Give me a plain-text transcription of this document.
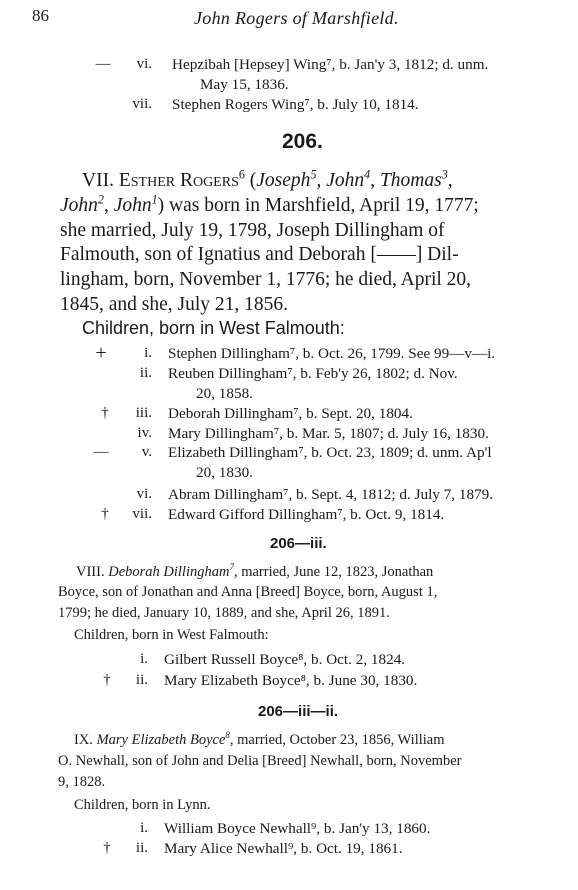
86	John Rogers of Marshfield.
—	vi. Hepzibah [Hepsey] Wing⁷, b. Jan'y 3, 1812; d. unm.
May 15, 1836.
vii. Stephen Rogers Wing⁷, b. July 10, 1814.
206.
VII. Esther Rogers$^6$ (Joseph$^5$, John$^4$, Thomas$^3$,
John$^2$, John$^1$) was born in Marshfield, April 19, 1777;
she married, July 19, 1798, Joseph Dillingham of
Falmouth, son of Ignatius and Deborah [——] Dil-
lingham, born, November 1, 1776; he died, April 20,
1845, and she, July 21, 1856.
Children, born in West Falmouth:
+	i. Stephen Dillingham⁷, b. Oct. 26, 1799. See 99—v—i.
ii. Reuben Dillingham⁷, b. Feb'y 26, 1802; d. Nov.
20, 1858.
†	iii. Deborah Dillingham⁷, b. Sept. 20, 1804.
iv. Mary Dillingham⁷, b. Mar. 5, 1807; d. July 16, 1830.
—	v. Elizabeth Dillingham⁷, b. Oct. 23, 1809; d. unm. Ap'l
20, 1830.
vi. Abram Dillingham⁷, b. Sept. 4, 1812; d. July 7, 1879.
†	vii. Edward Gifford Dillingham⁷, b. Oct. 9, 1814.
206—iii.
VIII. Deborah Dillingham$^7$, married, June 12, 1823, Jonathan
Boyce, son of Jonathan and Anna [Breed] Boyce, born, August 1,
1799; he died, January 10, 1889, and she, April 26, 1891.
Children, born in West Falmouth:
i. Gilbert Russell Boyce⁸, b. Oct. 2, 1824.
†	ii. Mary Elizabeth Boyce⁸, b. June 30, 1830.
206—iii—ii.
IX. Mary Elizabeth Boyce$^8$, married, October 23, 1856, William
O. Newhall, son of John and Delia [Breed] Newhall, born, November
9, 1828.
Children, born in Lynn.
i. William Boyce Newhall⁹, b. Jan'y 13, 1860.
†	ii. Mary Alice Newhall⁹, b. Oct. 19, 1861.
